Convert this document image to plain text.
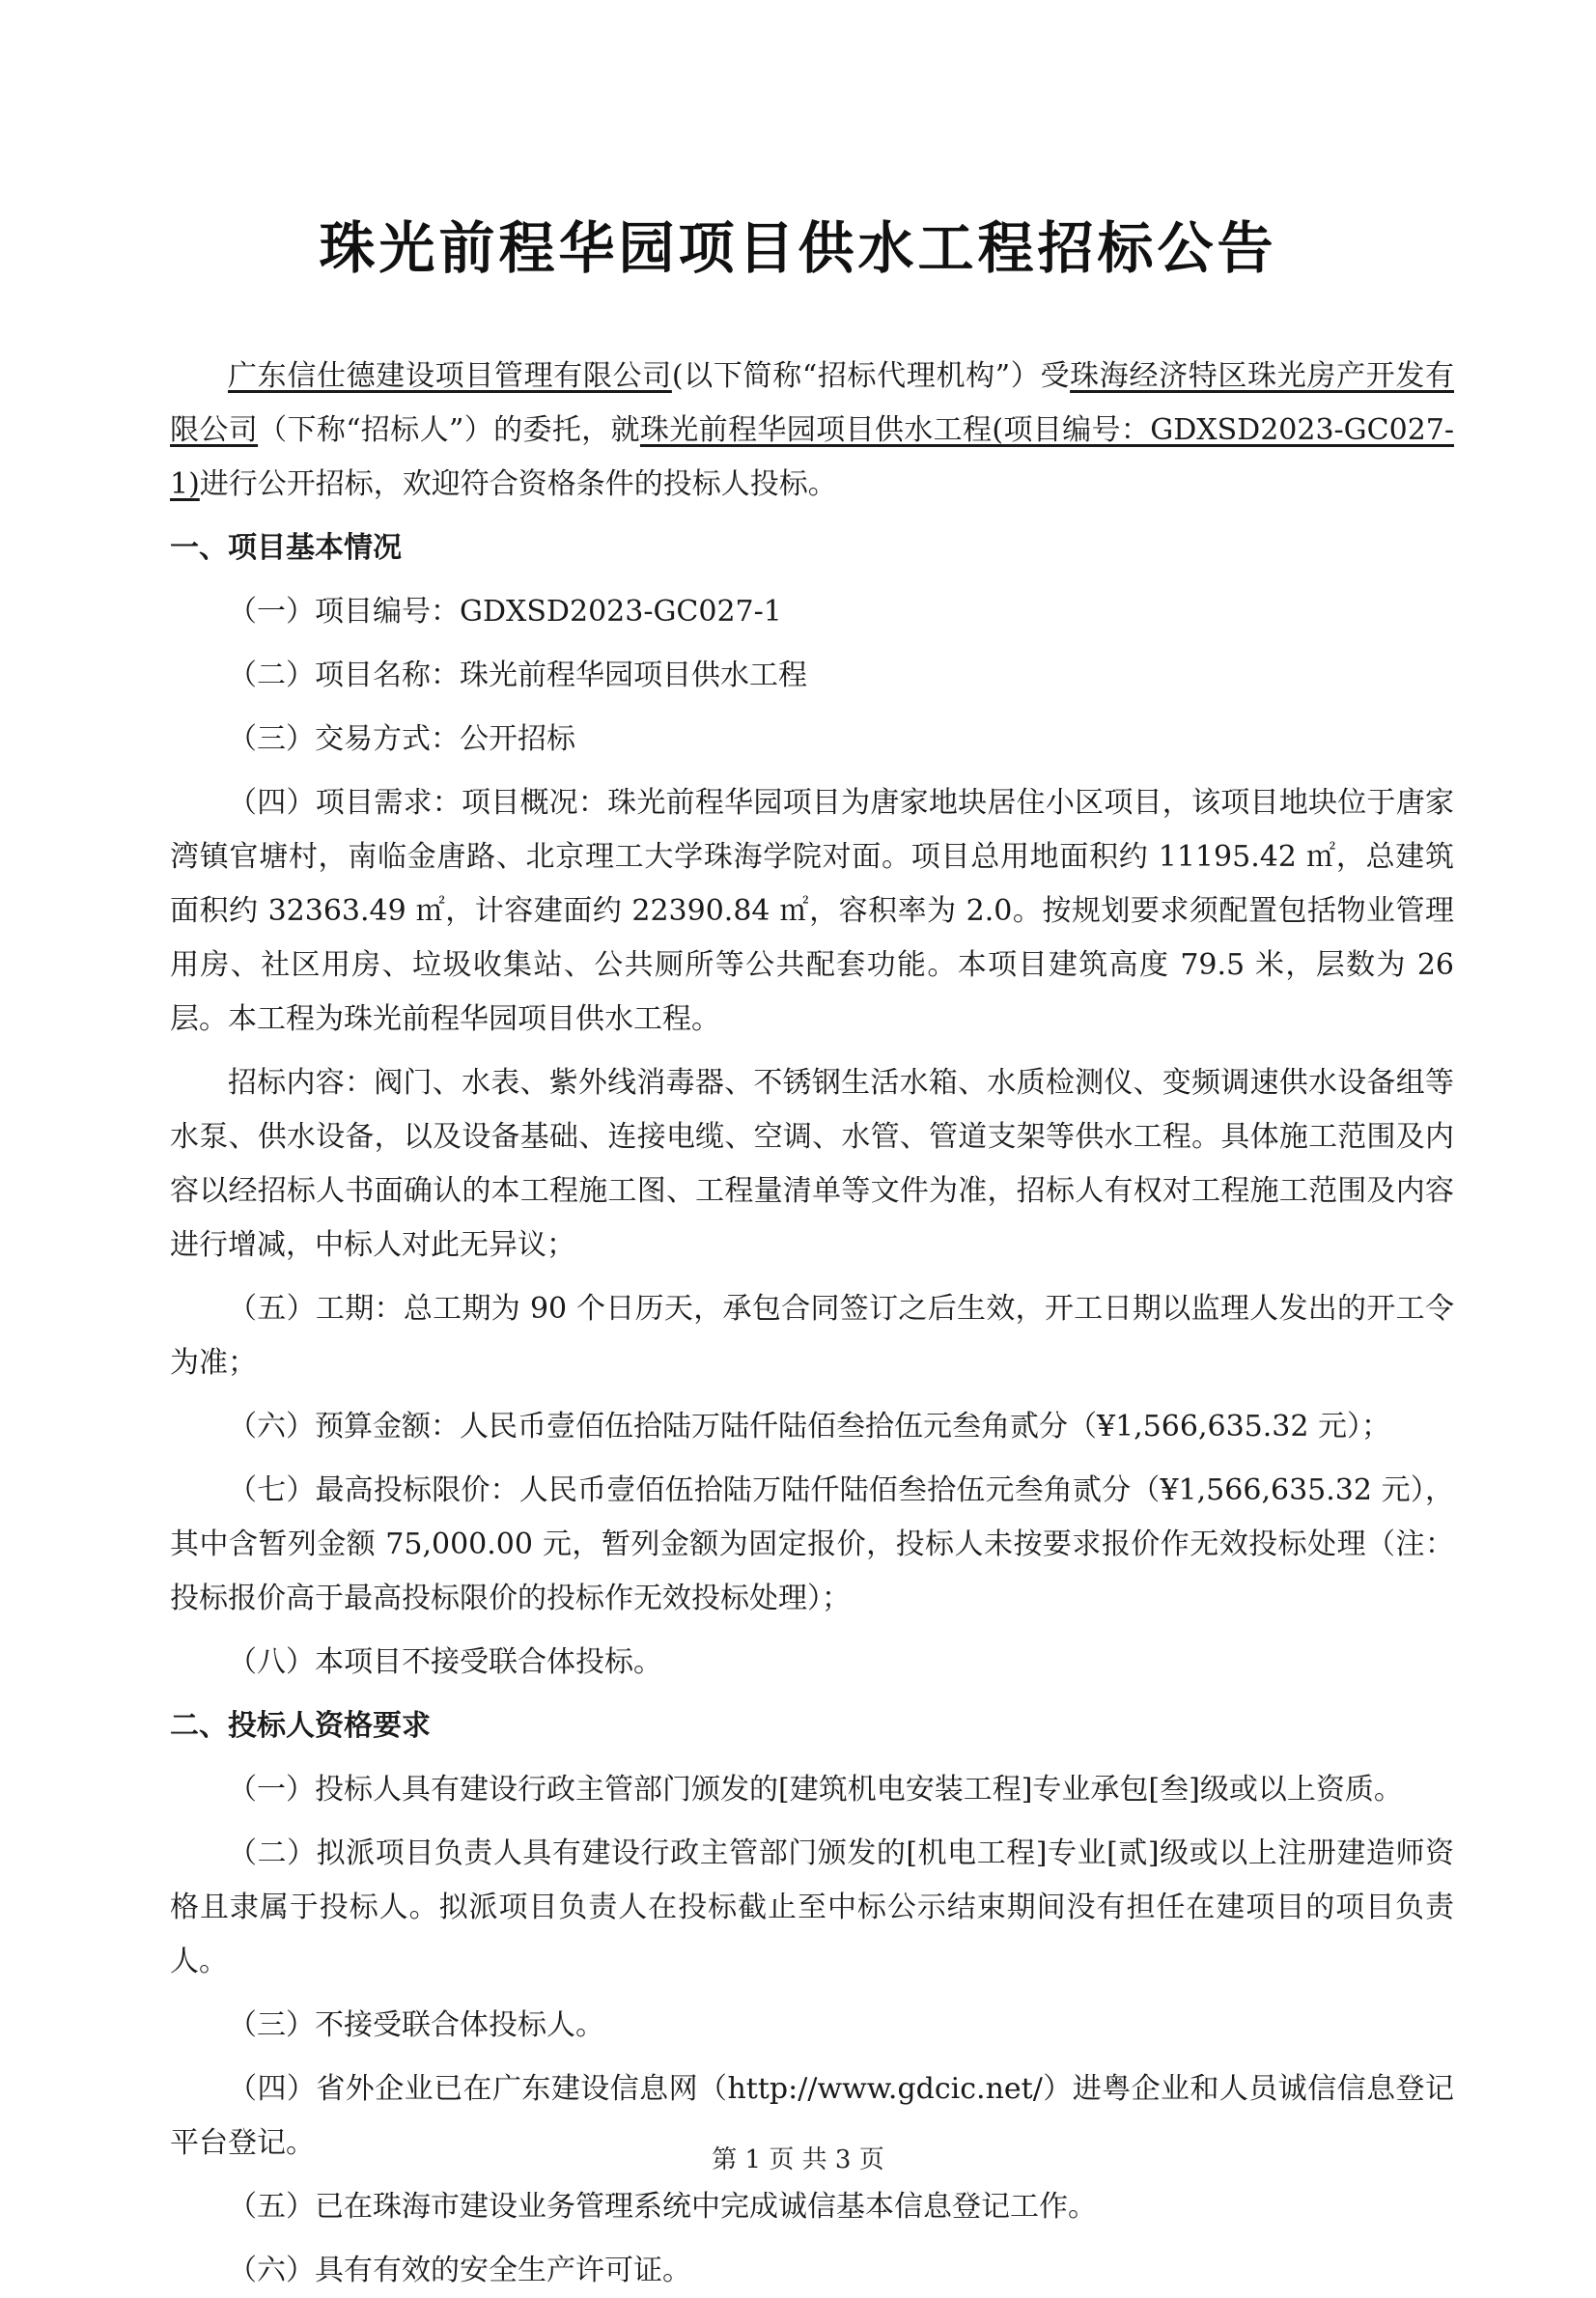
珠光前程华园项目供水工程招标公告

广东信仕德建设项目管理有限公司(以下简称“招标代理机构”）受珠海经济特区珠光房产开发有限公司（下称“招标人”）的委托，就珠光前程华园项目供水工程(项目编号：GDXSD2023-GC027-1)进行公开招标，欢迎符合资格条件的投标人投标。

一、项目基本情况

（一）项目编号：GDXSD2023-GC027-1

（二）项目名称：珠光前程华园项目供水工程

（三）交易方式：公开招标

（四）项目需求：项目概况：珠光前程华园项目为唐家地块居住小区项目，该项目地块位于唐家湾镇官塘村，南临金唐路、北京理工大学珠海学院对面。项目总用地面积约 11195.42 ㎡，总建筑面积约 32363.49 ㎡，计容建面约 22390.84 ㎡，容积率为 2.0。按规划要求须配置包括物业管理用房、社区用房、垃圾收集站、公共厕所等公共配套功能。本项目建筑高度 79.5 米，层数为 26 层。本工程为珠光前程华园项目供水工程。

招标内容：阀门、水表、紫外线消毒器、不锈钢生活水箱、水质检测仪、变频调速供水设备组等水泵、供水设备，以及设备基础、连接电缆、空调、水管、管道支架等供水工程。具体施工范围及内容以经招标人书面确认的本工程施工图、工程量清单等文件为准，招标人有权对工程施工范围及内容进行增减，中标人对此无异议；

（五）工期：总工期为 90 个日历天，承包合同签订之后生效，开工日期以监理人发出的开工令为准；

（六）预算金额：人民币壹佰伍拾陆万陆仟陆佰叁拾伍元叁角贰分（¥1,566,635.32 元）；

（七）最高投标限价：人民币壹佰伍拾陆万陆仟陆佰叁拾伍元叁角贰分（¥1,566,635.32 元），其中含暂列金额 75,000.00 元，暂列金额为固定报价，投标人未按要求报价作无效投标处理（注：投标报价高于最高投标限价的投标作无效投标处理）；

（八）本项目不接受联合体投标。

二、投标人资格要求

（一）投标人具有建设行政主管部门颁发的[建筑机电安装工程]专业承包[叁]级或以上资质。

（二）拟派项目负责人具有建设行政主管部门颁发的[机电工程]专业[贰]级或以上注册建造师资格且隶属于投标人。拟派项目负责人在投标截止至中标公示结束期间没有担任在建项目的项目负责人。

（三）不接受联合体投标人。

（四）省外企业已在广东建设信息网（http://www.gdcic.net/）进粤企业和人员诚信信息登记平台登记。

（五）已在珠海市建设业务管理系统中完成诚信基本信息登记工作。

（六）具有有效的安全生产许可证。

第 1 页 共 3 页
